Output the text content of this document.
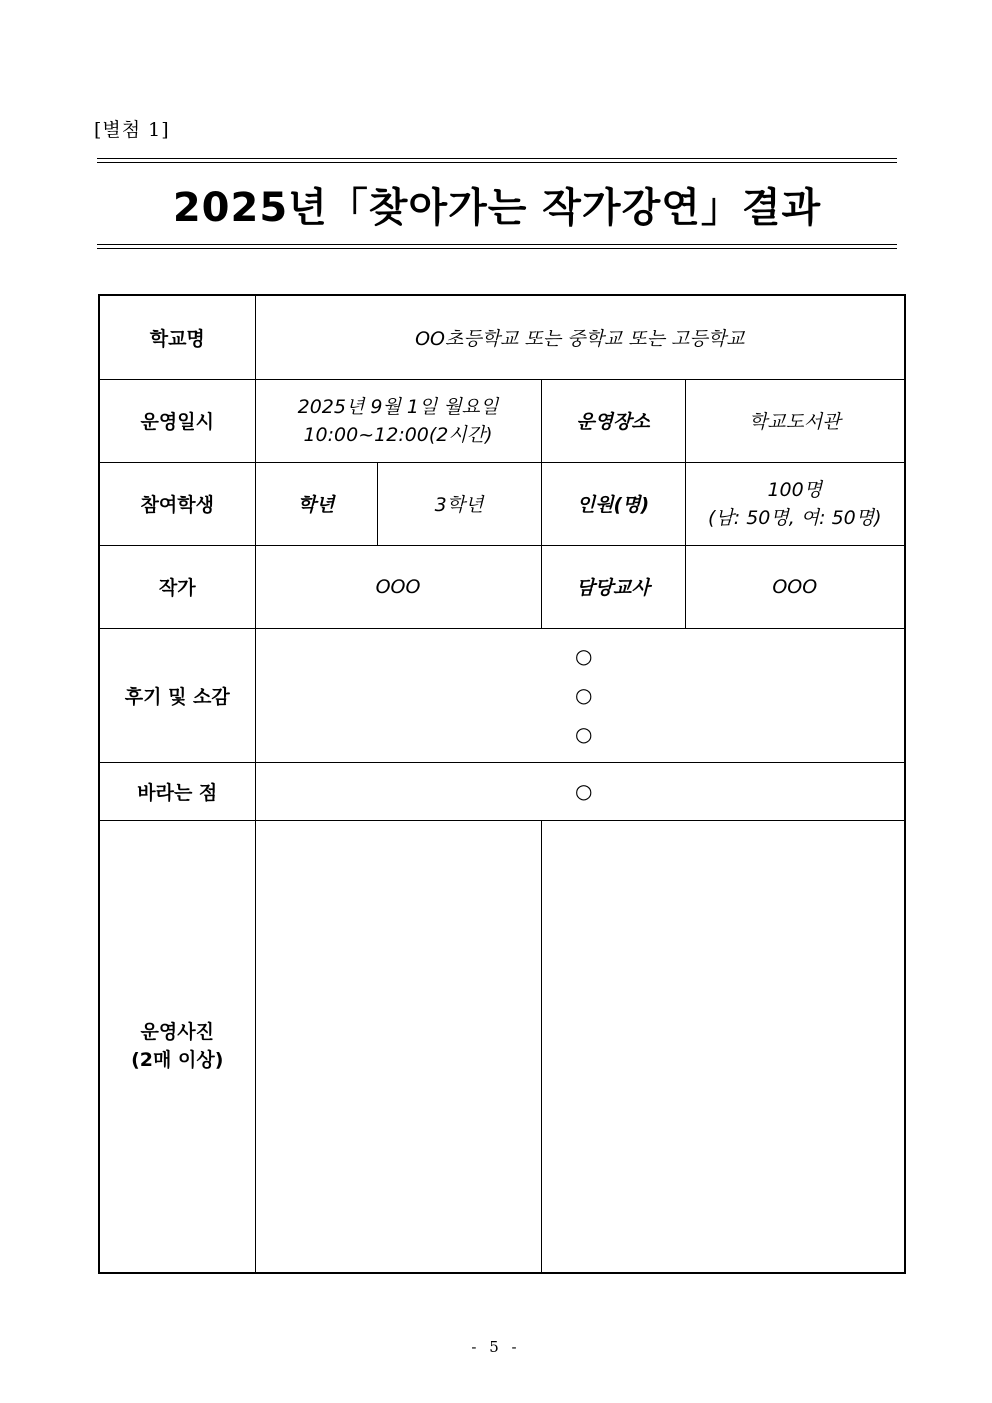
[별첨 1]
2025년「찾아가는 작가강연」결과
학교명	OO초등학교 또는 중학교 또는 고등학교			
운영일시	2025년 9월 1일 월요일
10:00~12:00(2시간)		운영장소	학교도서관
참여학생	학년	3학년	인원(명)	100명
(남: 50명, 여: 50명)

작가	OOO		담당교사	OOO
후기 및 소감	○
○
○			

바라는 점	○			

운영사진
(2매 이상)				

- 5 -
